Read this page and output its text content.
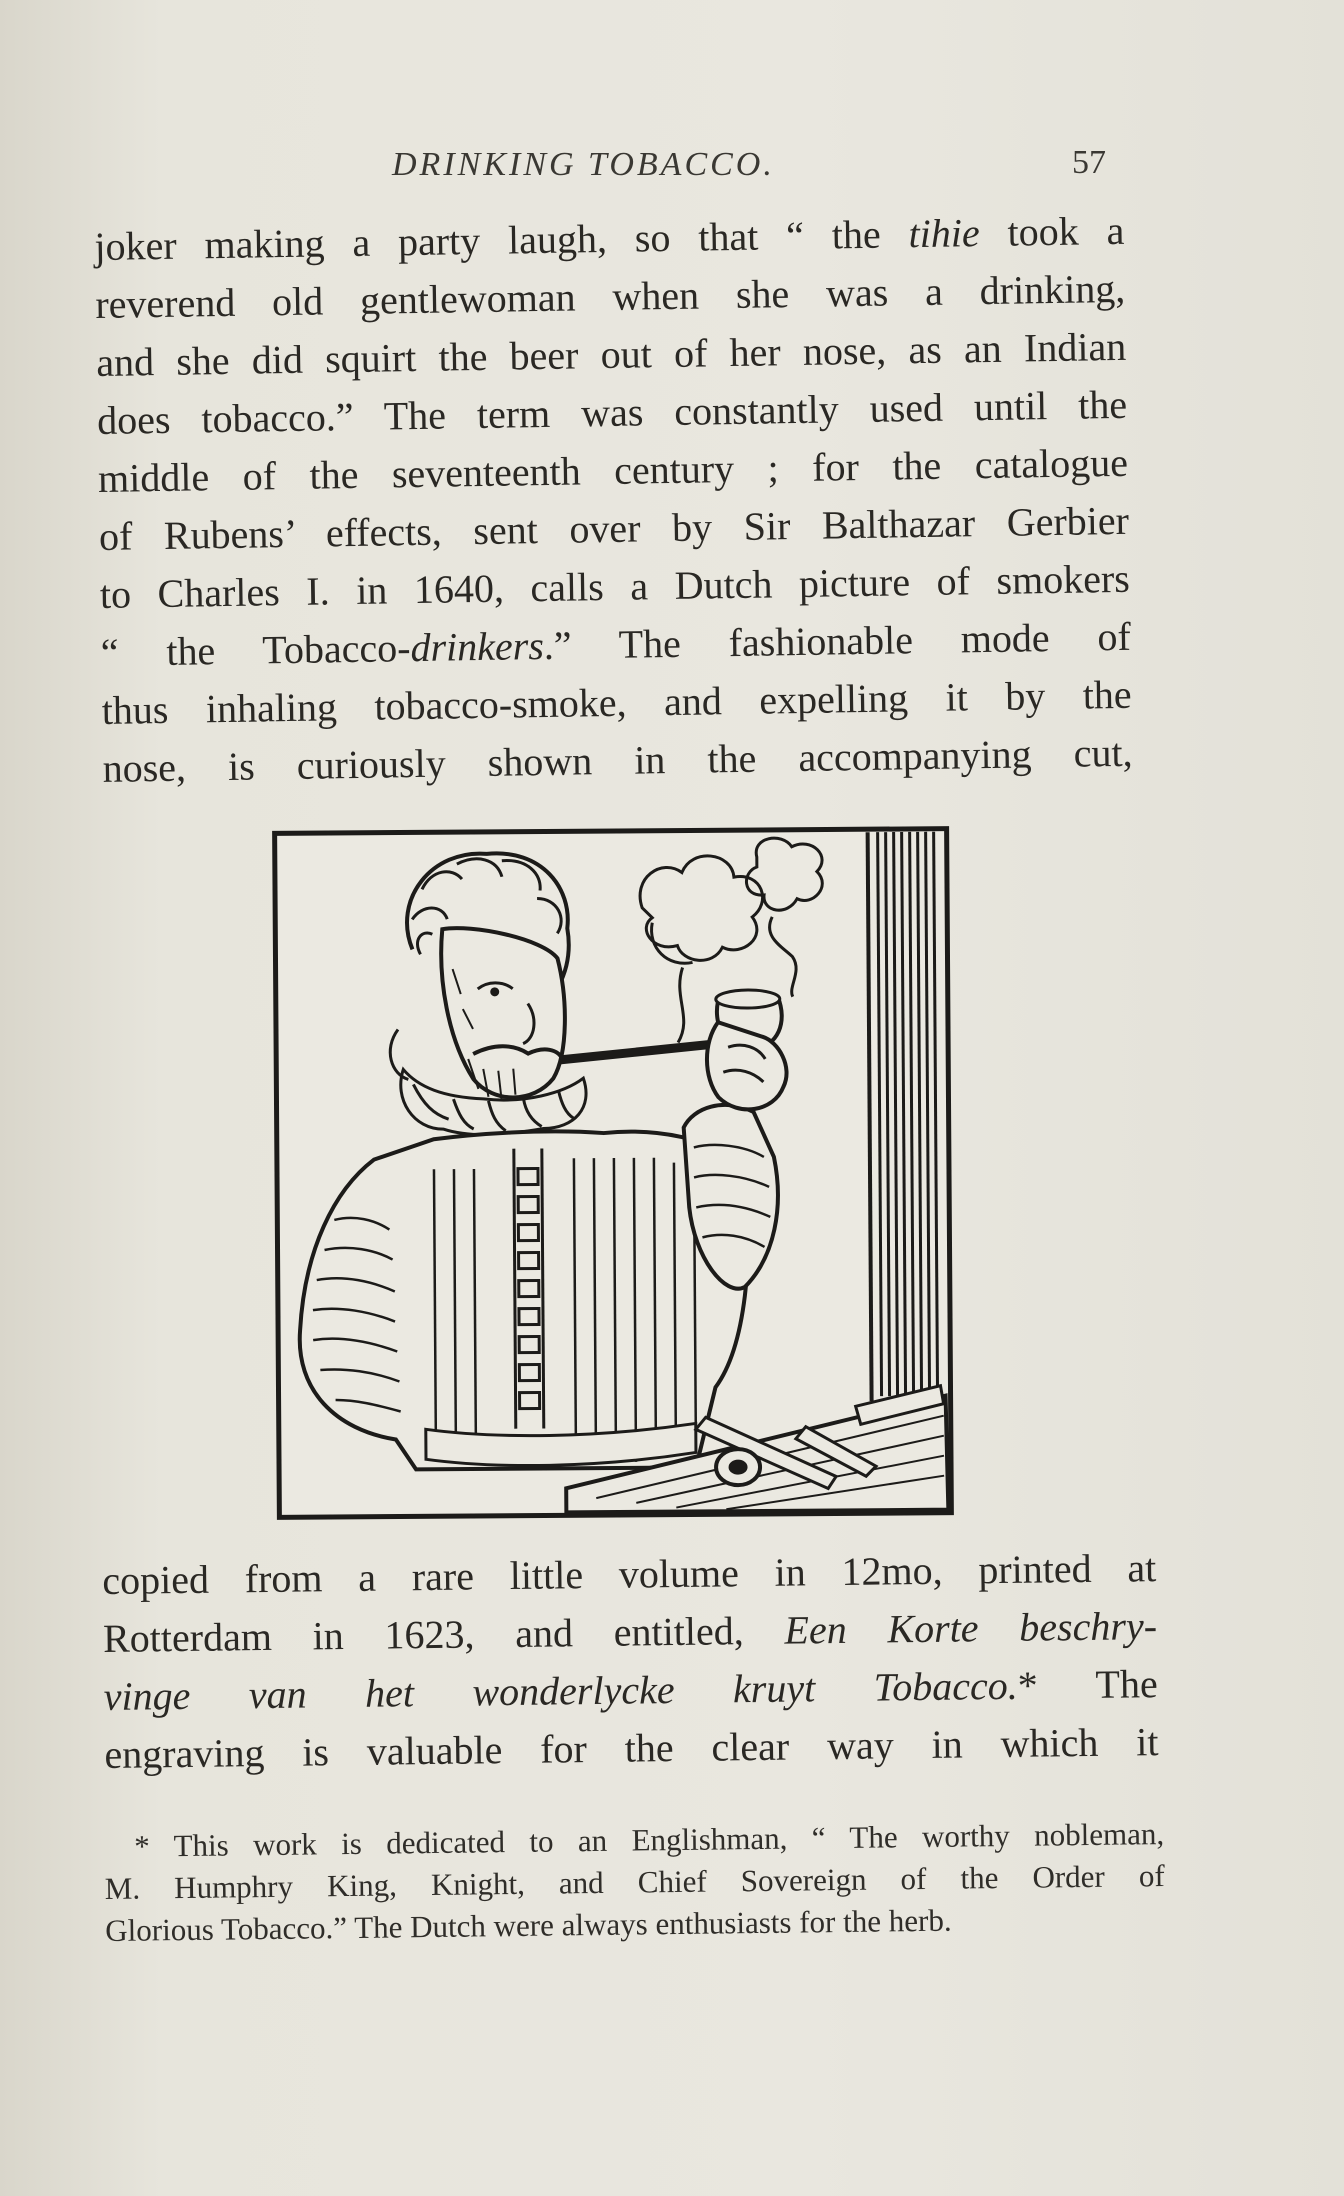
DRINKING TOBACCO.	57
joker making a party laugh, so that “ the tihie took a
reverend old gentlewoman when she was a drinking,
and she did squirt the beer out of her nose, as an Indian
does tobacco.” The term was constantly used until the
middle of the seventeenth century ; for the catalogue
of Rubens’ effects, sent over by Sir Balthazar Gerbier
to Charles I. in 1640, calls a Dutch picture of smokers
“ the Tobacco-drinkers.” The fashionable mode of
thus inhaling tobacco-smoke, and expelling it by the
nose, is curiously shown in the accompanying cut,
copied from a rare little volume in 12mo, printed at
Rotterdam in 1623, and entitled, Een Korte beschry-
vinge van het wonderlycke kruyt Tobacco.* The
engraving is valuable for the clear way in which it
* This work is dedicated to an Englishman, “ The worthy nobleman,
M. Humphry King, Knight, and Chief Sovereign of the Order of
Glorious Tobacco.” The Dutch were always enthusiasts for the herb.
